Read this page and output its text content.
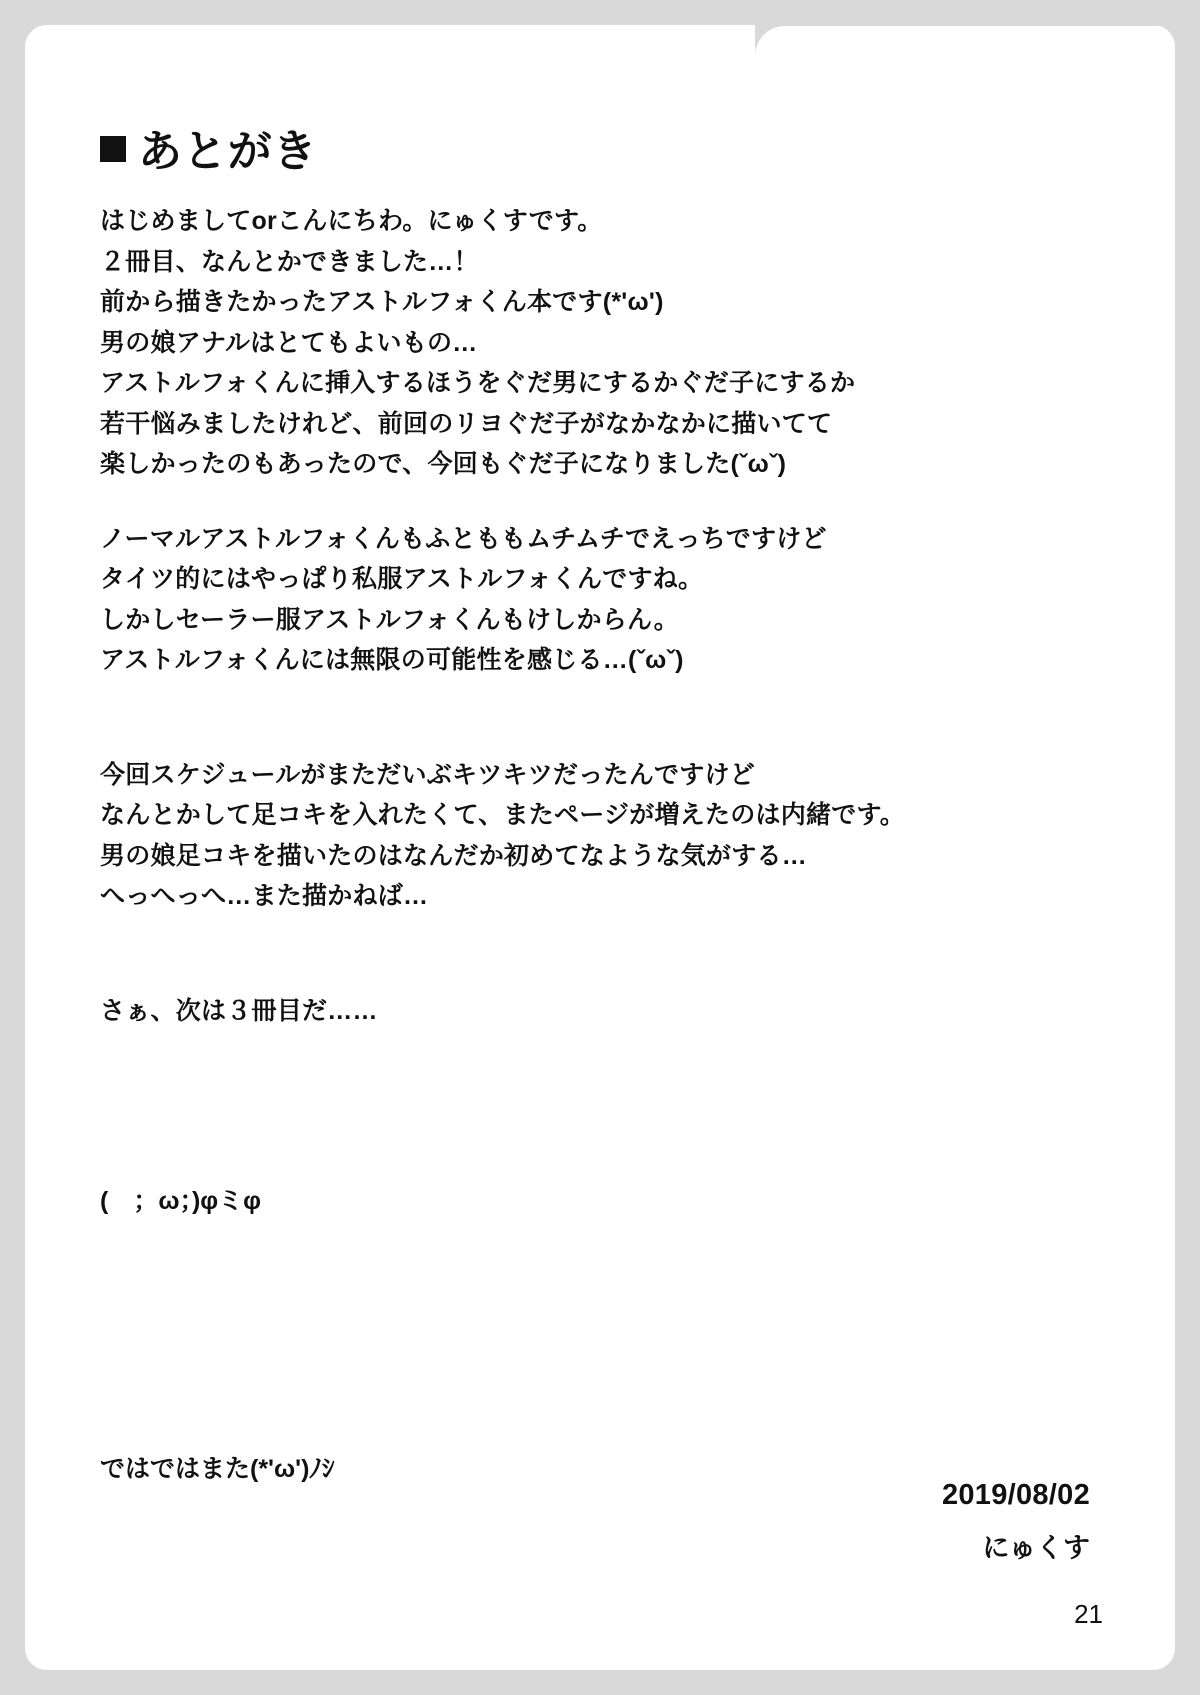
あとがき
はじめましてorこんにちわ。にゅくすです。
２冊目、なんとかできました…！
前から描きたかったアストルフォくん本です(*'ω')
男の娘アナルはとてもよいもの…
アストルフォくんに挿入するほうをぐだ男にするかぐだ子にするか
若干悩みましたけれど、前回のリヨぐだ子がなかなかに描いてて
楽しかったのもあったので、今回もぐだ子になりました(ˇωˇ)
ノーマルアストルフォくんもふとももムチムチでえっちですけど
タイツ的にはやっぱり私服アストルフォくんですね。
しかしセーラー服アストルフォくんもけしからん。
アストルフォくんには無限の可能性を感じる…(ˇωˇ)
今回スケジュールがまただいぶキツキツだったんですけど
なんとかして足コキを入れたくて、またページが増えたのは内緒です。
男の娘足コキを描いたのはなんだか初めてなような気がする…
へっへっへ…また描かねば…
さぁ、次は３冊目だ……
(　；ω；)φミφ
ではではまた(*'ω')ﾉｼ
2019/08/02
にゅくす
21
